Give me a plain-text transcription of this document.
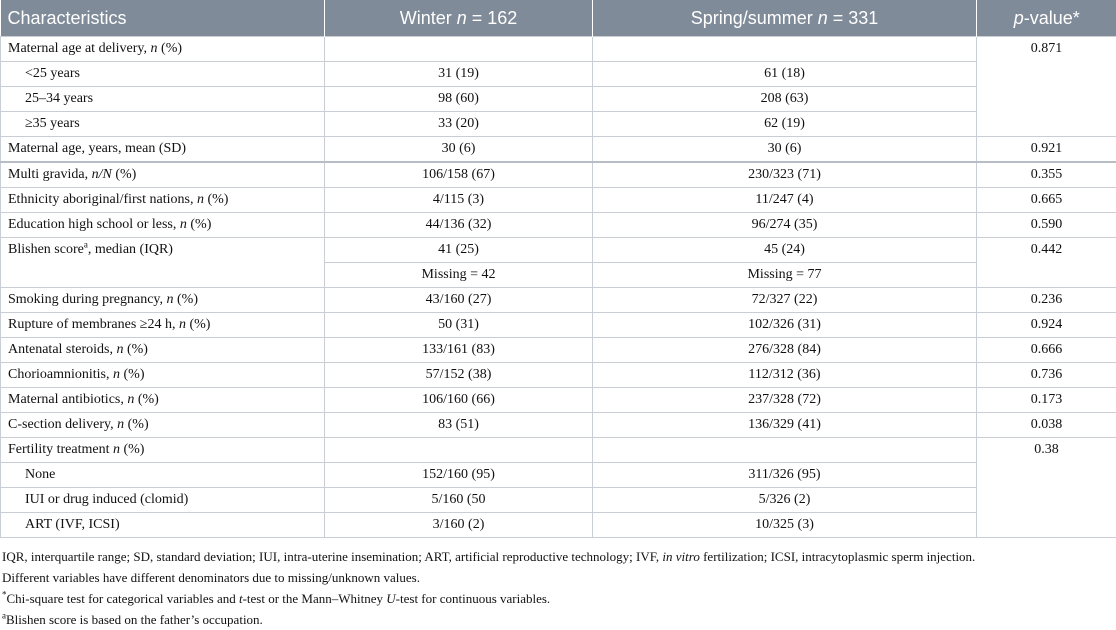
Characteristics	Winter n = 162	Spring/summer n = 331	p-value*
Maternal age at delivery, n (%)			0.871
<25 years	31 (19)	61 (18)	
25–34 years	98 (60)	208 (63)	
≥35 years	33 (20)	62 (19)	
Maternal age, years, mean (SD)	30 (6)	30 (6)	0.921
Multi gravida, n/N (%)	106/158 (67)	230/323 (71)	0.355
Ethnicity aboriginal/first nations, n (%)	4/115 (3)	11/247 (4)	0.665
Education high school or less, n (%)	44/136 (32)	96/274 (35)	0.590
Blishen score$^a$, median (IQR)	41 (25)	45 (24)	0.442
	Missing = 42	Missing = 77	
Smoking during pregnancy, n (%)	43/160 (27)	72/327 (22)	0.236
Rupture of membranes ≥24 h, n (%)	50 (31)	102/326 (31)	0.924
Antenatal steroids, n (%)	133/161 (83)	276/328 (84)	0.666
Chorioamnionitis, n (%)	57/152 (38)	112/312 (36)	0.736
Maternal antibiotics, n (%)	106/160 (66)	237/328 (72)	0.173
C-section delivery, n (%)	83 (51)	136/329 (41)	0.038
Fertility treatment n (%)			0.38
None	152/160 (95)	311/326 (95)	
IUI or drug induced (clomid)	5/160 (50	5/326 (2)	
ART (IVF, ICSI)	3/160 (2)	10/325 (3)	

IQR, interquartile range; SD, standard deviation; IUI, intra-uterine insemination; ART, artificial reproductive technology; IVF, in vitro fertilization; ICSI, intracytoplasmic sperm injection.

Different variables have different denominators due to missing/unknown values.

*Chi-square test for categorical variables and t-test or the Mann–Whitney U-test for continuous variables.

$^a$Blishen score is based on the father’s occupation.
